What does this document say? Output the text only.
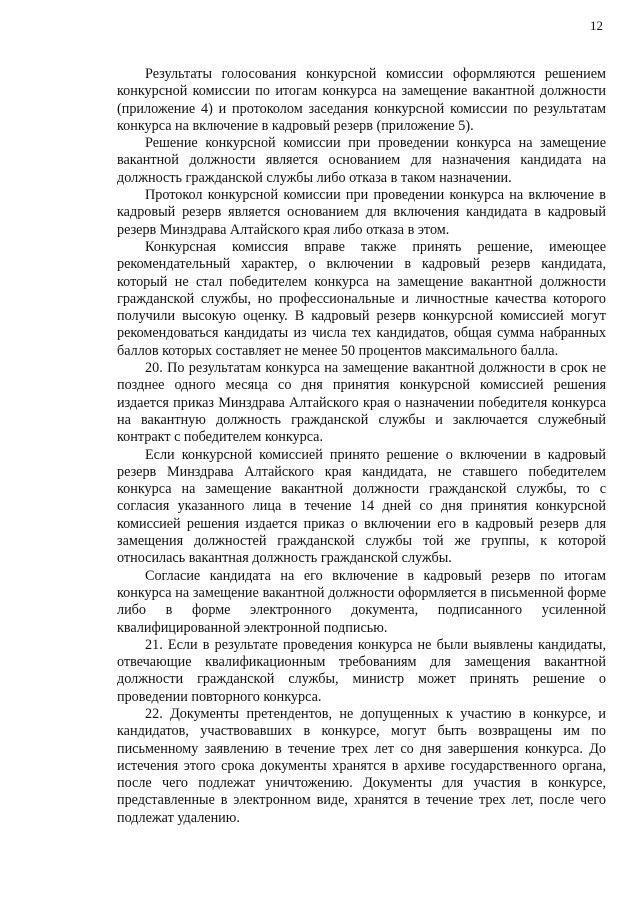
12

Результаты голосования конкурсной комиссии оформляются решением конкурсной комиссии по итогам конкурса на замещение вакантной должности (приложение 4) и протоколом заседания конкурсной комиссии по результатам конкурса на включение в кадровый резерв (приложение 5).

Решение конкурсной комиссии при проведении конкурса на замещение вакантной должности является основанием для назначения кандидата на должность гражданской службы либо отказа в таком назначении.

Протокол конкурсной комиссии при проведении конкурса на включение в кадровый резерв является основанием для включения кандидата в кадровый резерв Минздрава Алтайского края либо отказа в этом.

Конкурсная комиссия вправе также принять решение, имеющее рекомендательный характер, о включении в кадровый резерв кандидата, который не стал победителем конкурса на замещение вакантной должности гражданской службы, но профессиональные и личностные качества которого получили высокую оценку. В кадровый резерв конкурсной комиссией могут рекомендоваться кандидаты из числа тех кандидатов, общая сумма набранных баллов которых составляет не менее 50 процентов максимального балла.

20. По результатам конкурса на замещение вакантной должности в срок не позднее одного месяца со дня принятия конкурсной комиссией решения издается приказ Минздрава Алтайского края о назначении победителя конкурса на вакантную должность гражданской службы и заключается служебный контракт с победителем конкурса.

Если конкурсной комиссией принято решение о включении в кадровый резерв Минздрава Алтайского края кандидата, не ставшего победителем конкурса на замещение вакантной должности гражданской службы, то с согласия указанного лица в течение 14 дней со дня принятия конкурсной комиссией решения издается приказ о включении его в кадровый резерв для замещения должностей гражданской службы той же группы, к которой относилась вакантная должность гражданской службы.

Согласие кандидата на его включение в кадровый резерв по итогам конкурса на замещение вакантной должности оформляется в письменной форме либо в форме электронного документа, подписанного усиленной квалифицированной электронной подписью.

21. Если в результате проведения конкурса не были выявлены кандидаты, отвечающие квалификационным требованиям для замещения вакантной должности гражданской службы, министр может принять решение о проведении повторного конкурса.

22. Документы претендентов, не допущенных к участию в конкурсе, и кандидатов, участвовавших в конкурсе, могут быть возвращены им по письменному заявлению в течение трех лет со дня завершения конкурса. До истечения этого срока документы хранятся в архиве государственного органа, после чего подлежат уничтожению. Документы для участия в конкурсе, представленные в электронном виде, хранятся в течение трех лет, после чего подлежат удалению.
